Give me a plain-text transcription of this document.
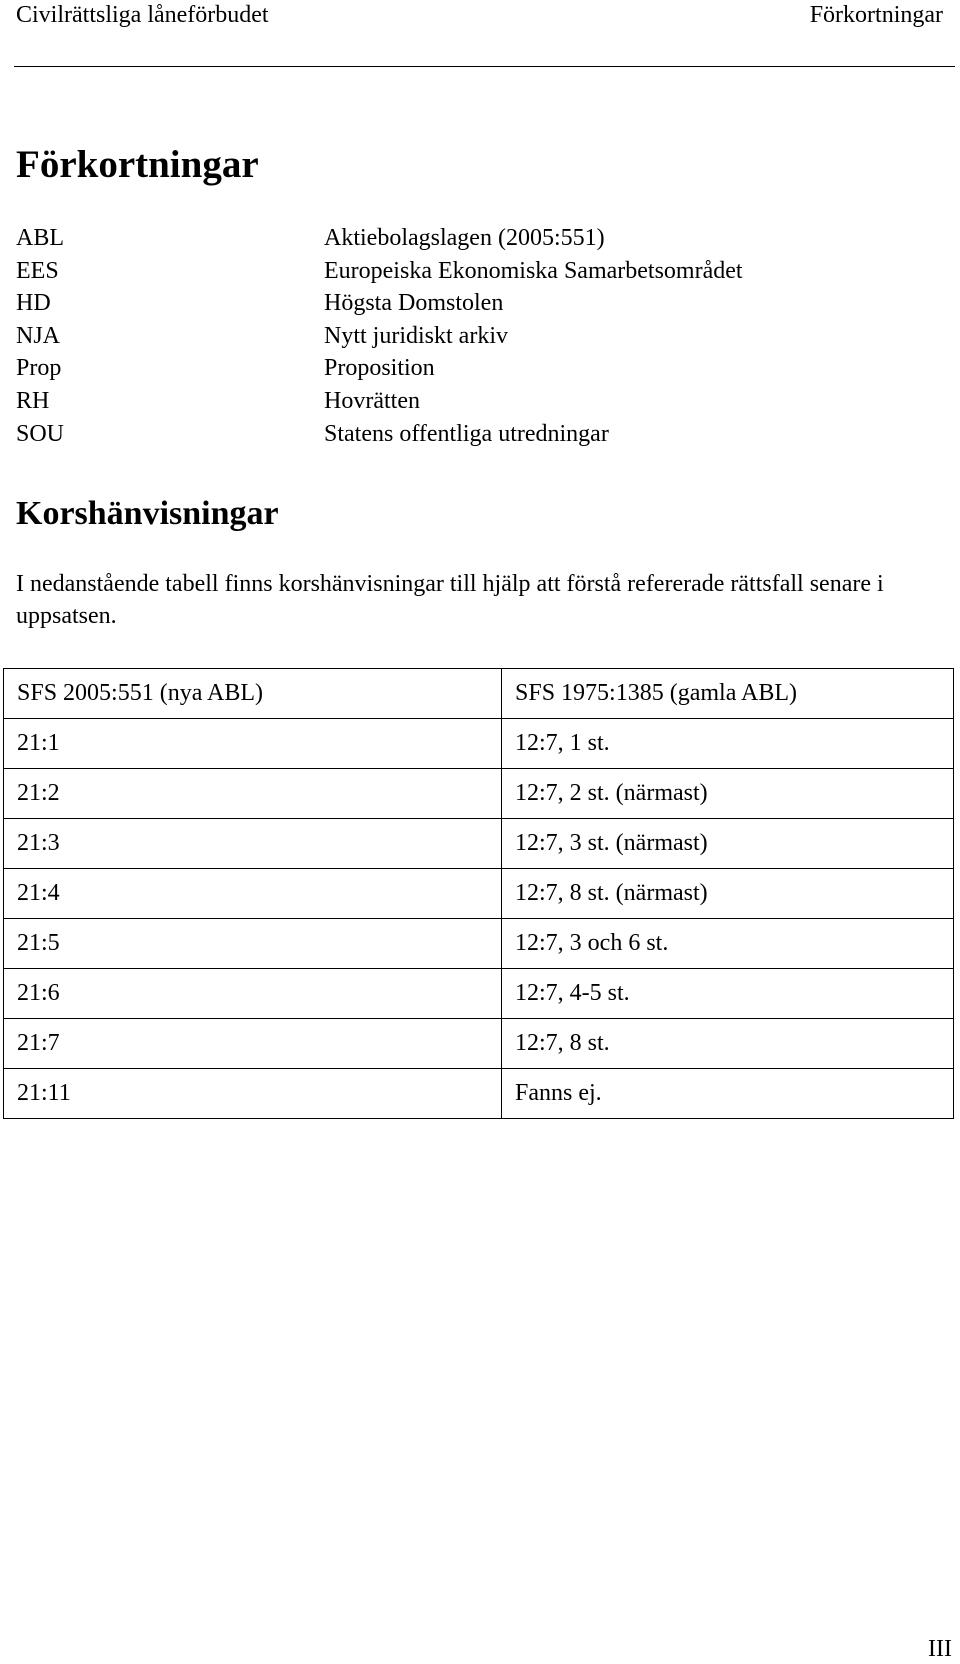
Civilrättsliga låneförbudet	Förkortningar
Förkortningar
ABL	Aktiebolagslagen (2005:551)
EES	Europeiska Ekonomiska Samarbetsområdet
HD	Högsta Domstolen
NJA	Nytt juridiskt arkiv
Prop	Proposition
RH	Hovrätten
SOU	Statens offentliga utredningar
Korshänvisningar

I nedanstående tabell finns korshänvisningar till hjälp att förstå refererade rättsfall senare i uppsatsen.

SFS 2005:551 (nya ABL)	SFS 1975:1385 (gamla ABL)
21:1	12:7, 1 st.
21:2	12:7, 2 st. (närmast)
21:3	12:7, 3 st. (närmast)
21:4	12:7, 8 st. (närmast)
21:5	12:7, 3 och 6 st.
21:6	12:7, 4-5 st.
21:7	12:7, 8 st.
21:11	Fanns ej.
III
